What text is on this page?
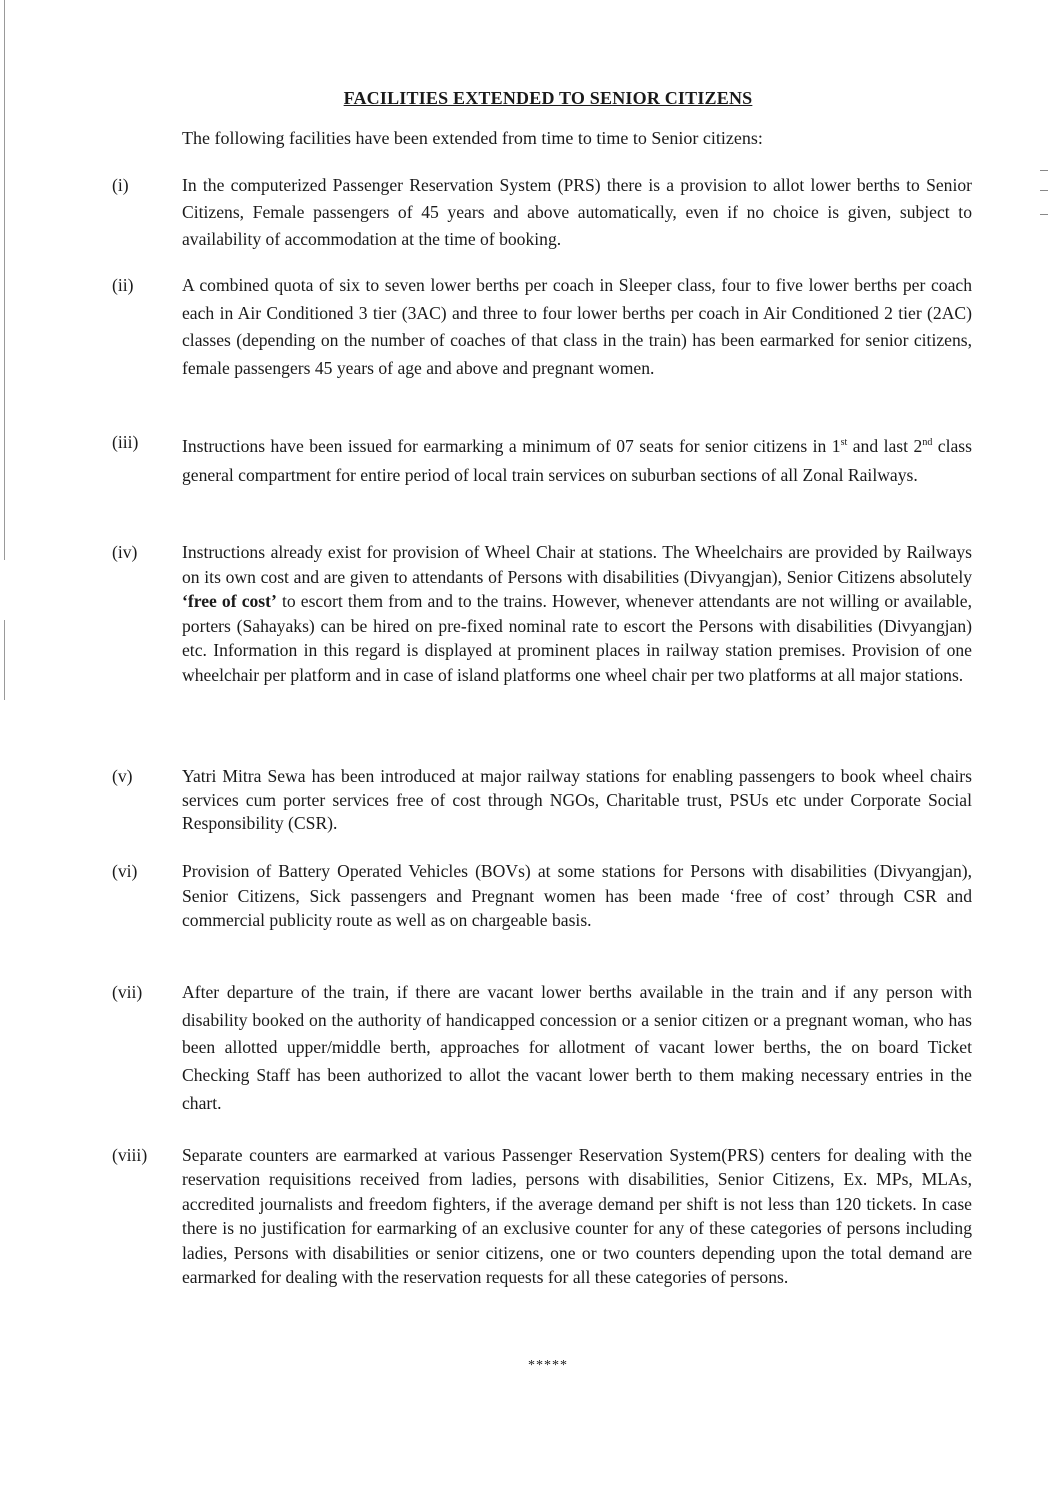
FACILITIES EXTENDED TO SENIOR CITIZENS
The following facilities have been extended from time to time to Senior citizens:
(i)	In the computerized Passenger Reservation System (PRS) there is a provision to allot lower berths to Senior Citizens, Female passengers of 45 years and above automatically, even if no choice is given, subject to availability of accommodation at the time of booking.
(ii)	A combined quota of six to seven lower berths per coach in Sleeper class, four to five lower berths per coach each in Air Conditioned 3 tier (3AC) and three to four lower berths per coach in Air Conditioned 2 tier (2AC) classes (depending on the number of coaches of that class in the train) has been earmarked for senior citizens, female passengers 45 years of age and above and pregnant women.
(iii) Instructions have been issued for earmarking a minimum of 07 seats for senior citizens in 1st and last 2nd class general compartment for entire period of local train services on suburban sections of all Zonal Railways.
(iv)	Instructions already exist for provision of Wheel Chair at stations. The Wheelchairs are provided by Railways on its own cost and are given to attendants of Persons with disabilities (Divyangjan), Senior Citizens absolutely ‘free of cost’ to escort them from and to the trains. However, whenever attendants are not willing or available, porters (Sahayaks) can be hired on pre-fixed nominal rate to escort the Persons with disabilities (Divyangjan) etc. Information in this regard is displayed at prominent places in railway station premises. Provision of one wheelchair per platform and in case of island platforms one wheel chair per two platforms at all major stations.
(v)	Yatri Mitra Sewa has been introduced at major railway stations for enabling passengers to book wheel chairs services cum porter services free of cost through NGOs, Charitable trust, PSUs etc under Corporate Social Responsibility (CSR).
(vi)	Provision of Battery Operated Vehicles (BOVs) at some stations for Persons with disabilities (Divyangjan), Senior Citizens, Sick passengers and Pregnant women has been made ‘free of cost’ through CSR and commercial publicity route as well as on chargeable basis.
(vii) After departure of the train, if there are vacant lower berths available in the train and if any person with disability booked on the authority of handicapped concession or a senior citizen or a pregnant woman, who has been allotted upper/middle berth, approaches for allotment of vacant lower berths, the on board Ticket Checking Staff has been authorized to allot the vacant lower berth to them making necessary entries in the chart.
(viii) Separate counters are earmarked at various Passenger Reservation System(PRS) centers for dealing with the reservation requisitions received from ladies, persons with disabilities, Senior Citizens, Ex. MPs, MLAs, accredited journalists and freedom fighters, if the average demand per shift is not less than 120 tickets. In case there is no justification for earmarking of an exclusive counter for any of these categories of persons including ladies, Persons with disabilities or senior citizens, one or two counters depending upon the total demand are earmarked for dealing with the reservation requests for all these categories of persons.
*****
